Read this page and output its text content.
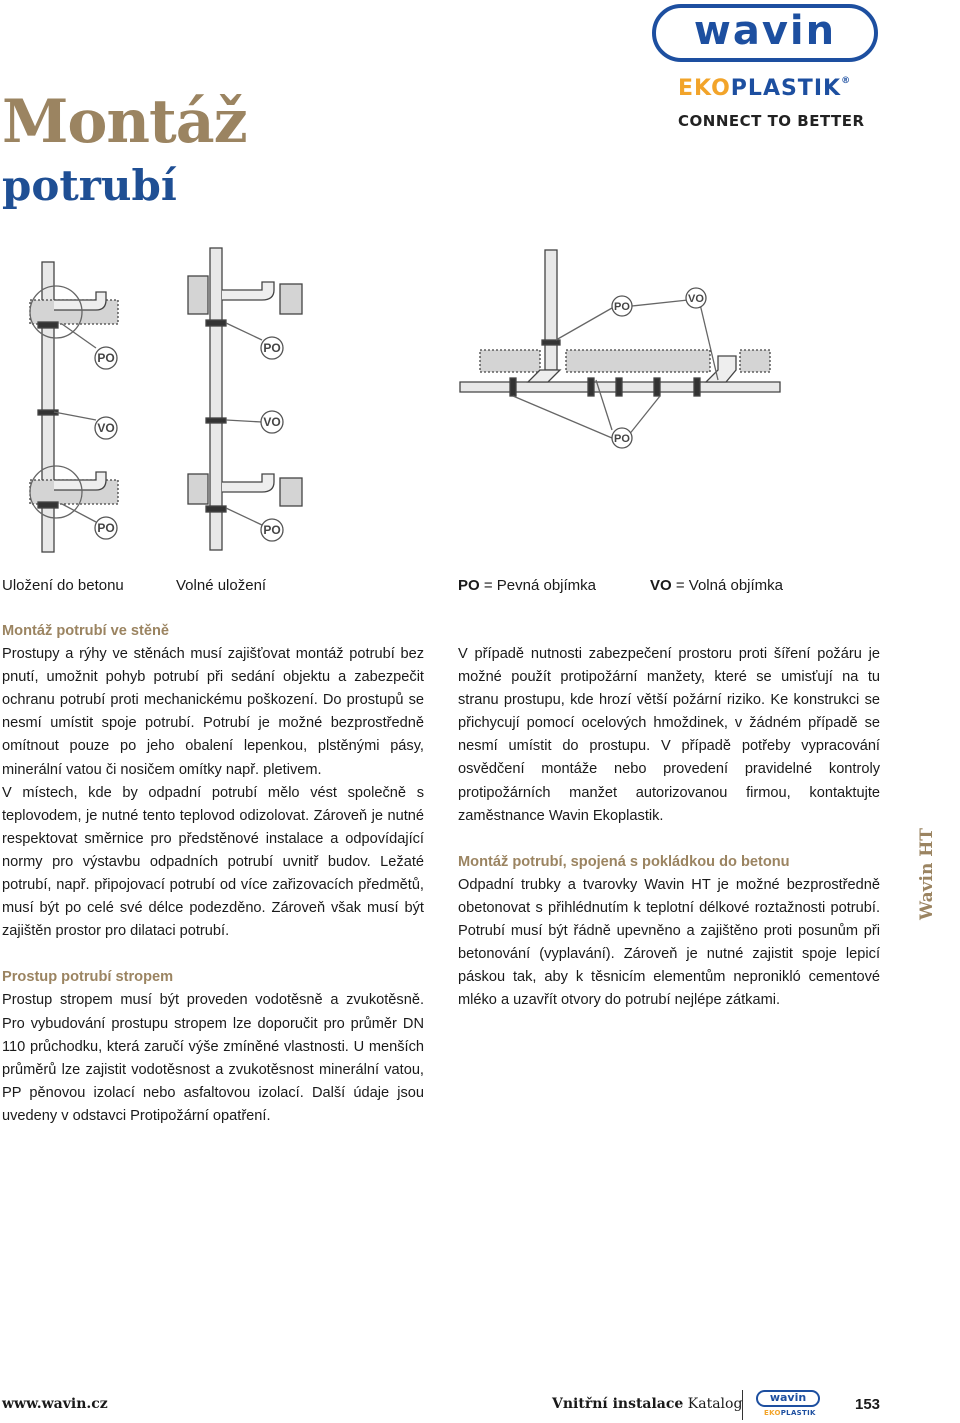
Montáž
potrubí
wavin
EKOPLASTIK®
CONNECT TO BETTER
PO
VO
PO
PO
VO
PO
PO
VO
PO
Uložení do betonu	Volné uložení	PO = Pevná objímka	VO = Volná objímka
Montáž potrubí ve stěně

Prostupy a rýhy ve stěnách musí zajišťovat montáž potrubí bez pnutí, umožnit pohyb potrubí při sedání objektu a zabezpečit ochranu potrubí proti mechanickému poškození. Do prostupů se nesmí umístit spoje potrubí. Potrubí je možné bezprostředně omítnout pouze po jeho obalení lepenkou, plstěnými pásy, minerální vatou či nosičem omítky např. pletivem.

V místech, kde by odpadní potrubí mělo vést společně s teplovodem, je nutné tento teplovod odizolovat. Zároveň je nutné respektovat směrnice pro předstěnové instalace a odpovídající normy pro výstavbu odpadních potrubí uvnitř budov. Ležaté potrubí, např. připojovací potrubí od více zařizovacích předmětů, musí být po celé své délce podezděno. Zároveň však musí být zajištěn prostor pro dilataci potrubí.

Prostup potrubí stropem

Prostup stropem musí být proveden vodotěsně a zvukotěsně. Pro vybudování prostupu stropem lze doporučit pro průměr DN 110 průchodku, která zaručí výše zmíněné vlastnosti. U menších průměrů lze zajistit vodotěsnost a zvukotěsnost minerální vatou, PP pěnovou izolací nebo asfaltovou izolací. Další údaje jsou uvedeny v odstavci Protipožární opatření.

V případě nutnosti zabezpečení prostoru proti šíření požáru je možné použít protipožární manžety, které se umisťují na tu stranu prostupu, kde hrozí větší požární riziko. Ke konstrukci se přichycují pomocí ocelových hmoždinek, v žádném případě se nesmí umístit do prostupu. V případě potřeby vypracování osvědčení montáže nebo provedení pravidelné kontroly protipožárních manžet autorizovanou firmou, kontaktujte zaměstnance Wavin Ekoplastik.

Montáž potrubí, spojená s pokládkou do betonu

Odpadní trubky a tvarovky Wavin HT je možné bezprostředně obetonovat s přihlédnutím k teplotní délkové roztažnosti potrubí. Potrubí musí být řádně upevněno a zajištěno proti posunům při betonování (vyplavání). Zároveň je nutné zajistit spoje lepicí páskou tak, aby k těsnicím elementům nepronikló cementové mléko a uzavřít otvory do potrubí nejlépe zátkami.

Wavin HT
www.wavin.cz	Vnitřní instalace Katalog	wavin
EKOPLASTIK	153
